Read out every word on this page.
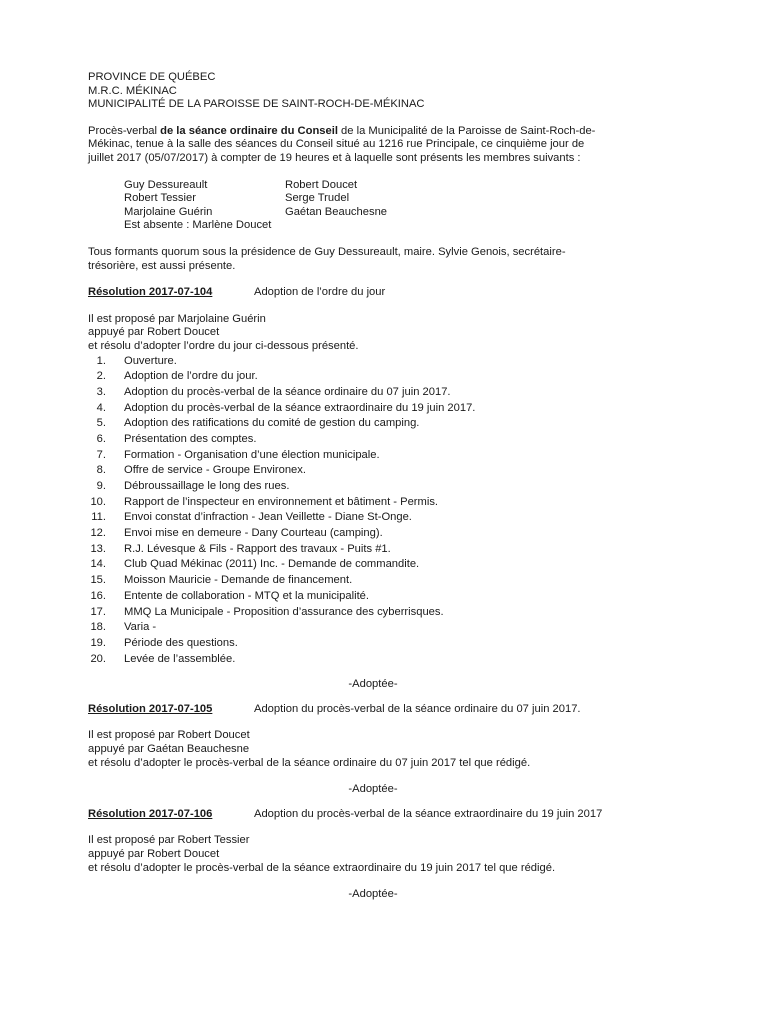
PROVINCE DE QUÉBEC
M.R.C. MÉKINAC
MUNICIPALITÉ DE LA PAROISSE DE SAINT-ROCH-DE-MÉKINAC
Procès-verbal de la séance ordinaire du Conseil de la Municipalité de la Paroisse de Saint-Roch-de-
Mékinac, tenue à la salle des séances du Conseil situé au 1216 rue Principale, ce cinquième jour de
juillet 2017 (05/07/2017) à compter de 19 heures et à laquelle sont présents les membres suivants :
Guy Dessureault	Robert Doucet
Robert Tessier	Serge Trudel
Marjolaine Guérin	Gaétan Beauchesne
Est absente : Marlène Doucet
Tous formants quorum sous la présidence de Guy Dessureault, maire. Sylvie Genois, secrétaire-
trésorière, est aussi présente.
Résolution 2017-07-104	Adoption de l’ordre du jour
Il est proposé par Marjolaine Guérin
appuyé par Robert Doucet
et résolu d’adopter l’ordre du jour ci-dessous présenté.
1.	Ouverture.
2.	Adoption de l’ordre du jour.
3.	Adoption du procès-verbal de la séance ordinaire du 07 juin 2017.
4.	Adoption du procès-verbal de la séance extraordinaire du 19 juin 2017.
5.	Adoption des ratifications du comité de gestion du camping.
6.	Présentation des comptes.
7.	Formation - Organisation d’une élection municipale.
8.	Offre de service - Groupe Environex.
9.	Débroussaillage le long des rues.
10.	Rapport de l’inspecteur en environnement et bâtiment - Permis.
11.	Envoi constat d’infraction - Jean Veillette - Diane St-Onge.
12.	Envoi mise en demeure - Dany Courteau (camping).
13.	R.J. Lévesque & Fils - Rapport des travaux - Puits #1.
14.	Club Quad Mékinac (2011) Inc. - Demande de commandite.
15.	Moisson Mauricie - Demande de financement.
16.	Entente de collaboration - MTQ et la municipalité.
17.	MMQ La Municipale - Proposition d’assurance des cyberrisques.
18.	Varia -
19.	Période des questions.
20.	Levée de l’assemblée.
-Adoptée-
Résolution 2017-07-105	Adoption du procès-verbal de la séance ordinaire du 07 juin 2017.
Il est proposé par Robert Doucet
appuyé par Gaétan Beauchesne
et résolu d’adopter le procès-verbal de la séance ordinaire du 07 juin 2017 tel que rédigé.
-Adoptée-
Résolution 2017-07-106	Adoption du procès-verbal de la séance extraordinaire du 19 juin 2017
Il est proposé par Robert Tessier
appuyé par Robert Doucet
et résolu d’adopter le procès-verbal de la séance extraordinaire du 19 juin 2017 tel que rédigé.
-Adoptée-
